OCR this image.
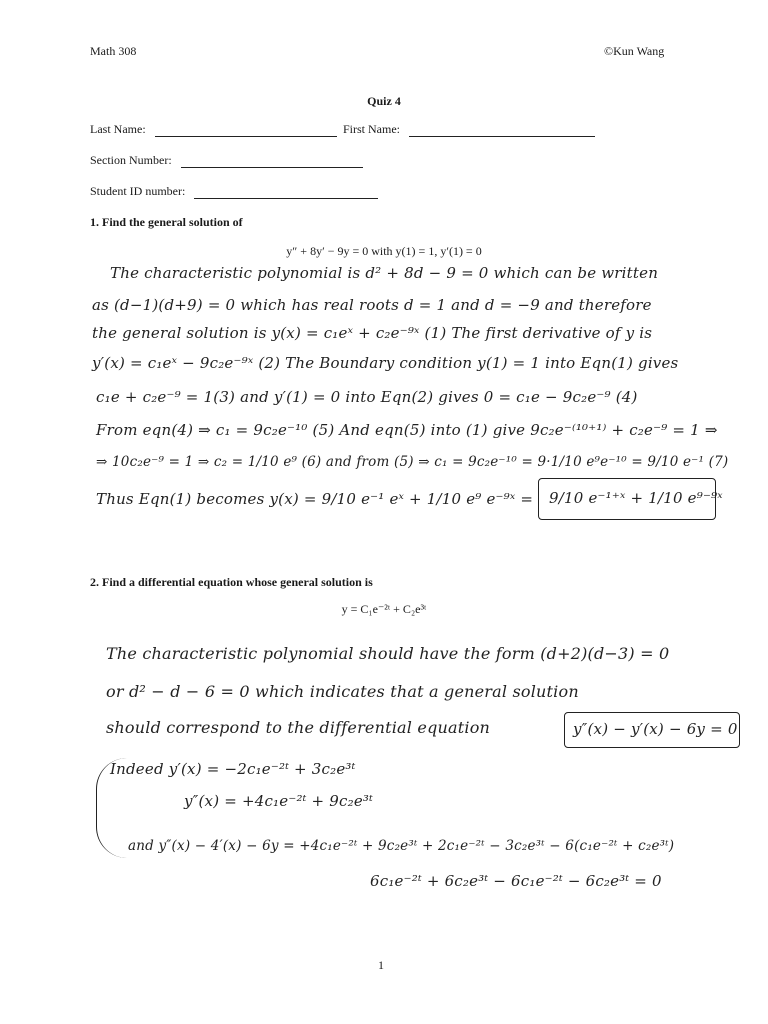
Math 308	©Kun Wang
Quiz 4
Last Name:	First Name:
Section Number:
Student ID number:
1. Find the general solution of
y″ + 8y′ − 9y = 0 with y(1) = 1, y′(1) = 0
The characteristic polynomial is d² + 8d − 9 = 0 which can be written
as (d−1)(d+9) = 0 which has real roots d = 1 and d = −9 and therefore
the general solution is y(x) = c₁eˣ + c₂e⁻⁹ˣ (1) The first derivative of y is
y′(x) = c₁eˣ − 9c₂e⁻⁹ˣ (2) The Boundary condition y(1) = 1 into Eqn(1) gives
c₁e + c₂e⁻⁹ = 1(3) and y′(1) = 0 into Eqn(2) gives 0 = c₁e − 9c₂e⁻⁹ (4)
From eqn(4) ⇒ c₁ = 9c₂e⁻¹⁰ (5) And eqn(5) into (1) give 9c₂e⁻⁽¹⁰⁺¹⁾ + c₂e⁻⁹ = 1 ⇒
⇒ 10c₂e⁻⁹ = 1 ⇒ c₂ = 1/10 e⁹ (6) and from (5) ⇒ c₁ = 9c₂e⁻¹⁰ = 9·1/10 e⁹e⁻¹⁰ = 9/10 e⁻¹ (7)
Thus Eqn(1) becomes y(x) = 9/10 e⁻¹ eˣ + 1/10 e⁹ e⁻⁹ˣ = 9/10 e⁻¹⁺ˣ + 1/10 e⁹⁻⁹ˣ
2. Find a differential equation whose general solution is
y = C₁e⁻²ᵗ + C₂e³ᵗ
The characteristic polynomial should have the form (d+2)(d−3) = 0
or d² − d − 6 = 0 which indicates that a general solution
should correspond to the differential equation	y″(x) − y′(x) − 6y = 0
Indeed y′(x) = −2c₁e⁻²ᵗ + 3c₂e³ᵗ
y″(x) = +4c₁e⁻²ᵗ + 9c₂e³ᵗ
and y″(x) − 4′(x) − 6y = +4c₁e⁻²ᵗ + 9c₂e³ᵗ + 2c₁e⁻²ᵗ − 3c₂e³ᵗ − 6(c₁e⁻²ᵗ + c₂e³ᵗ)
6c₁e⁻²ᵗ + 6c₂e³ᵗ − 6c₁e⁻²ᵗ − 6c₂e³ᵗ = 0
1
